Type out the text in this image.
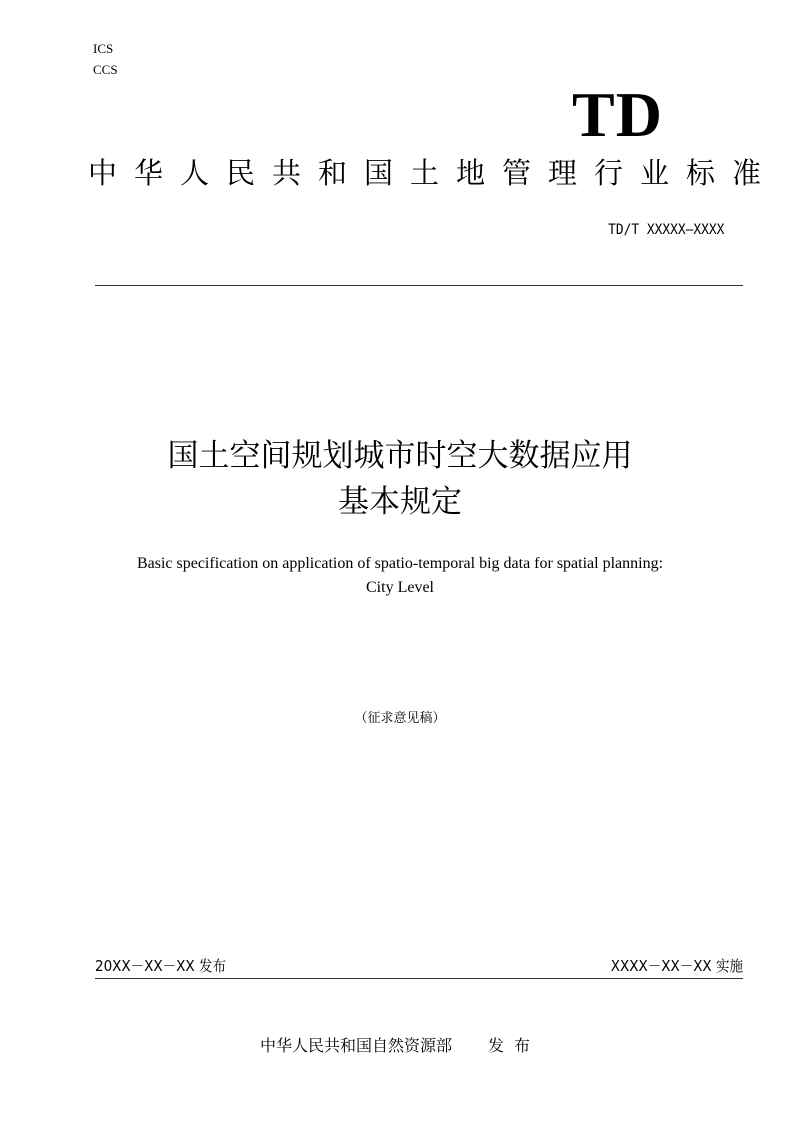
ICS
CCS
TD
中华人民共和国土地管理行业标准
TD/T XXXXX—XXXX
国土空间规划城市时空大数据应用
基本规定
Basic specification on application of spatio-temporal big data for spatial planning:
City Level
（征求意见稿）
20XX－XX－XX 发布	XXXX－XX－XX 实施
中华人民共和国自然资源部 发布
